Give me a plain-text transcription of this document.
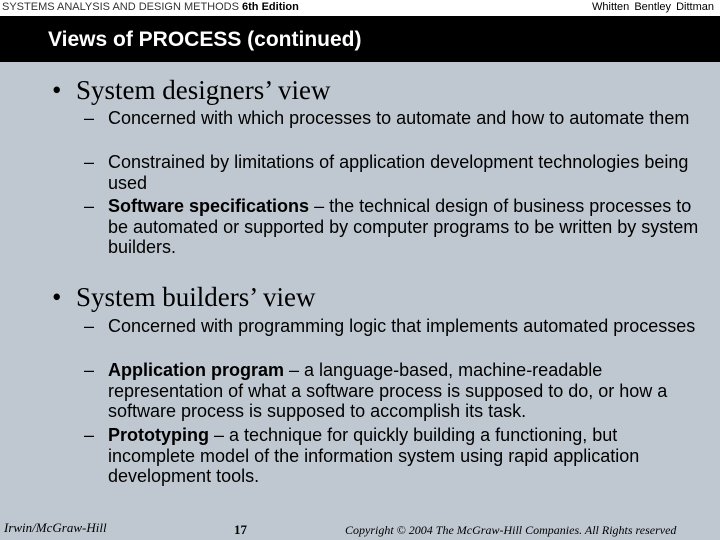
SYSTEMS ANALYSIS AND DESIGN METHODS 6th Edition	Whitten Bentley Dittman
Views of PROCESS (continued)
• System designers’ view
– Concerned with which processes to automate and how to automate them
– Constrained by limitations of application development technologies being used
– Software specifications – the technical design of business processes to be automated or supported by computer programs to be written by system builders.
• System builders’ view
– Concerned with programming logic that implements automated processes
– Application program – a language-based, machine-readable representation of what a software process is supposed to do, or how a software process is supposed to accomplish its task.
– Prototyping – a technique for quickly building a functioning, but incomplete model of the information system using rapid application development tools.
Irwin/McGraw-Hill	17	Copyright © 2004 The McGraw-Hill Companies. All Rights reserved
